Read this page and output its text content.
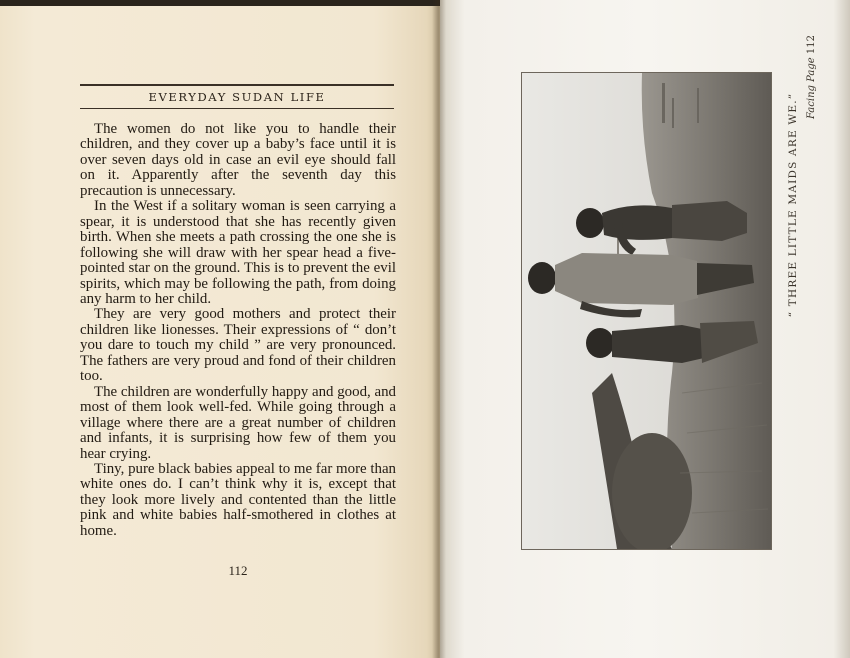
EVERYDAY SUDAN LIFE

The women do not like you to handle their children, and they cover up a baby’s face until it is over seven days old in case an evil eye should fall on it. Apparently after the seventh day this precaution is unnecessary.

In the West if a solitary woman is seen carrying a spear, it is understood that she has recently given birth. When she meets a path crossing the one she is following she will draw with her spear head a five-pointed star on the ground. This is to prevent the evil spirits, which may be following the path, from doing any harm to her child.

They are very good mothers and protect their children like lionesses. Their expressions of “ don’t you dare to touch my child ” are very pronounced. The fathers are very proud and fond of their children too.

The children are wonderfully happy and good, and most of them look well-fed. While going through a village where there are a great number of children and infants, it is surprising how few of them you hear crying.

Tiny, pure black babies appeal to me far more than white ones do. I can’t think why it is, except that they look more lively and contented than the little pink and white babies half-smothered in clothes at home.

112
“ THREE LITTLE MAIDS ARE WE.”
Facing Page 112
